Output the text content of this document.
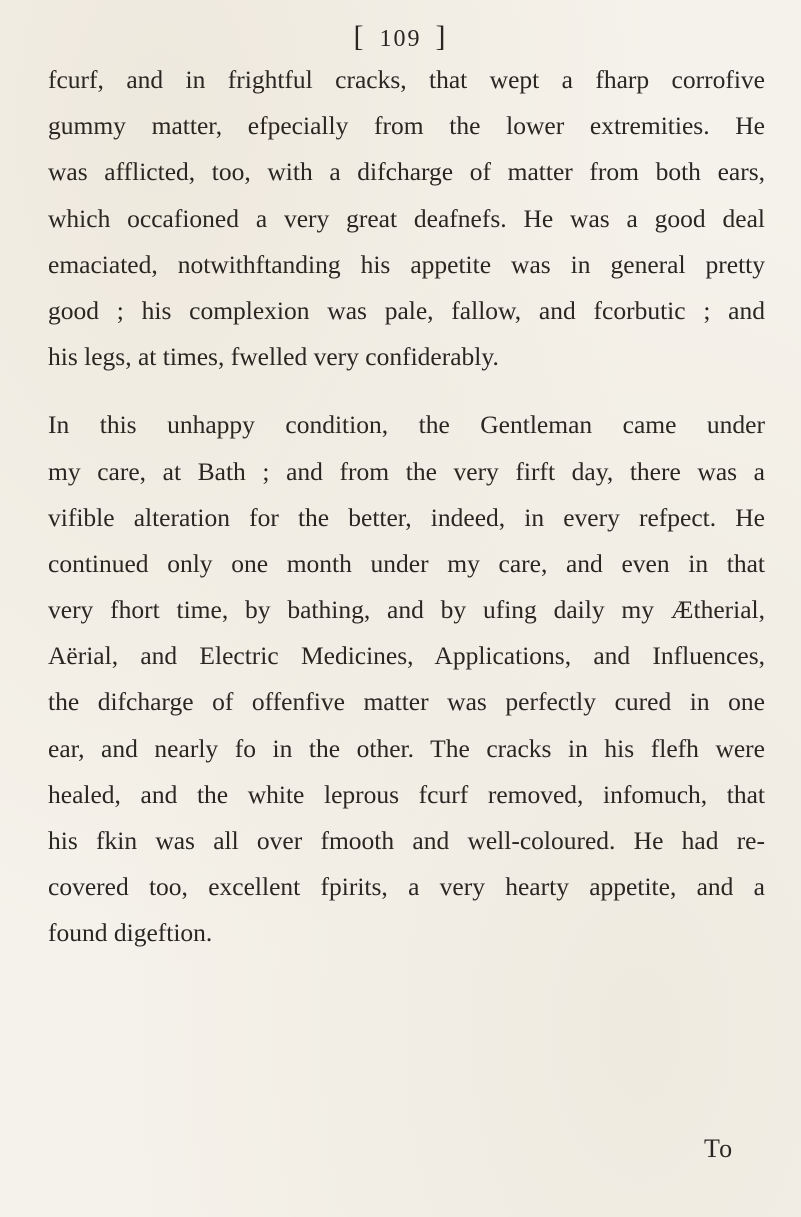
[ 109 ]
fcurf, and in frightful cracks, that wept a fharp corrofive
gummy matter, efpecially from the lower extremities. He
was afflicted, too, with a difcharge of matter from both ears,
which occafioned a very great deafnefs. He was a good deal
emaciated, notwithftanding his appetite was in general pretty
good ; his complexion was pale, fallow, and fcorbutic ; and
his legs, at times, fwelled very confiderably.
In this unhappy condition, the Gentleman came under
my care, at Bath ; and from the very firft day, there was a
vifible alteration for the better, indeed, in every refpect. He
continued only one month under my care, and even in that
very fhort time, by bathing, and by ufing daily my Ætherial,
Aërial, and Electric Medicines, Applications, and Influences,
the difcharge of offenfive matter was perfectly cured in one
ear, and nearly fo in the other. The cracks in his flefh were
healed, and the white leprous fcurf removed, infomuch, that
his fkin was all over fmooth and well-coloured. He had re-
covered too, excellent fpirits, a very hearty appetite, and a
found digeftion.
To
